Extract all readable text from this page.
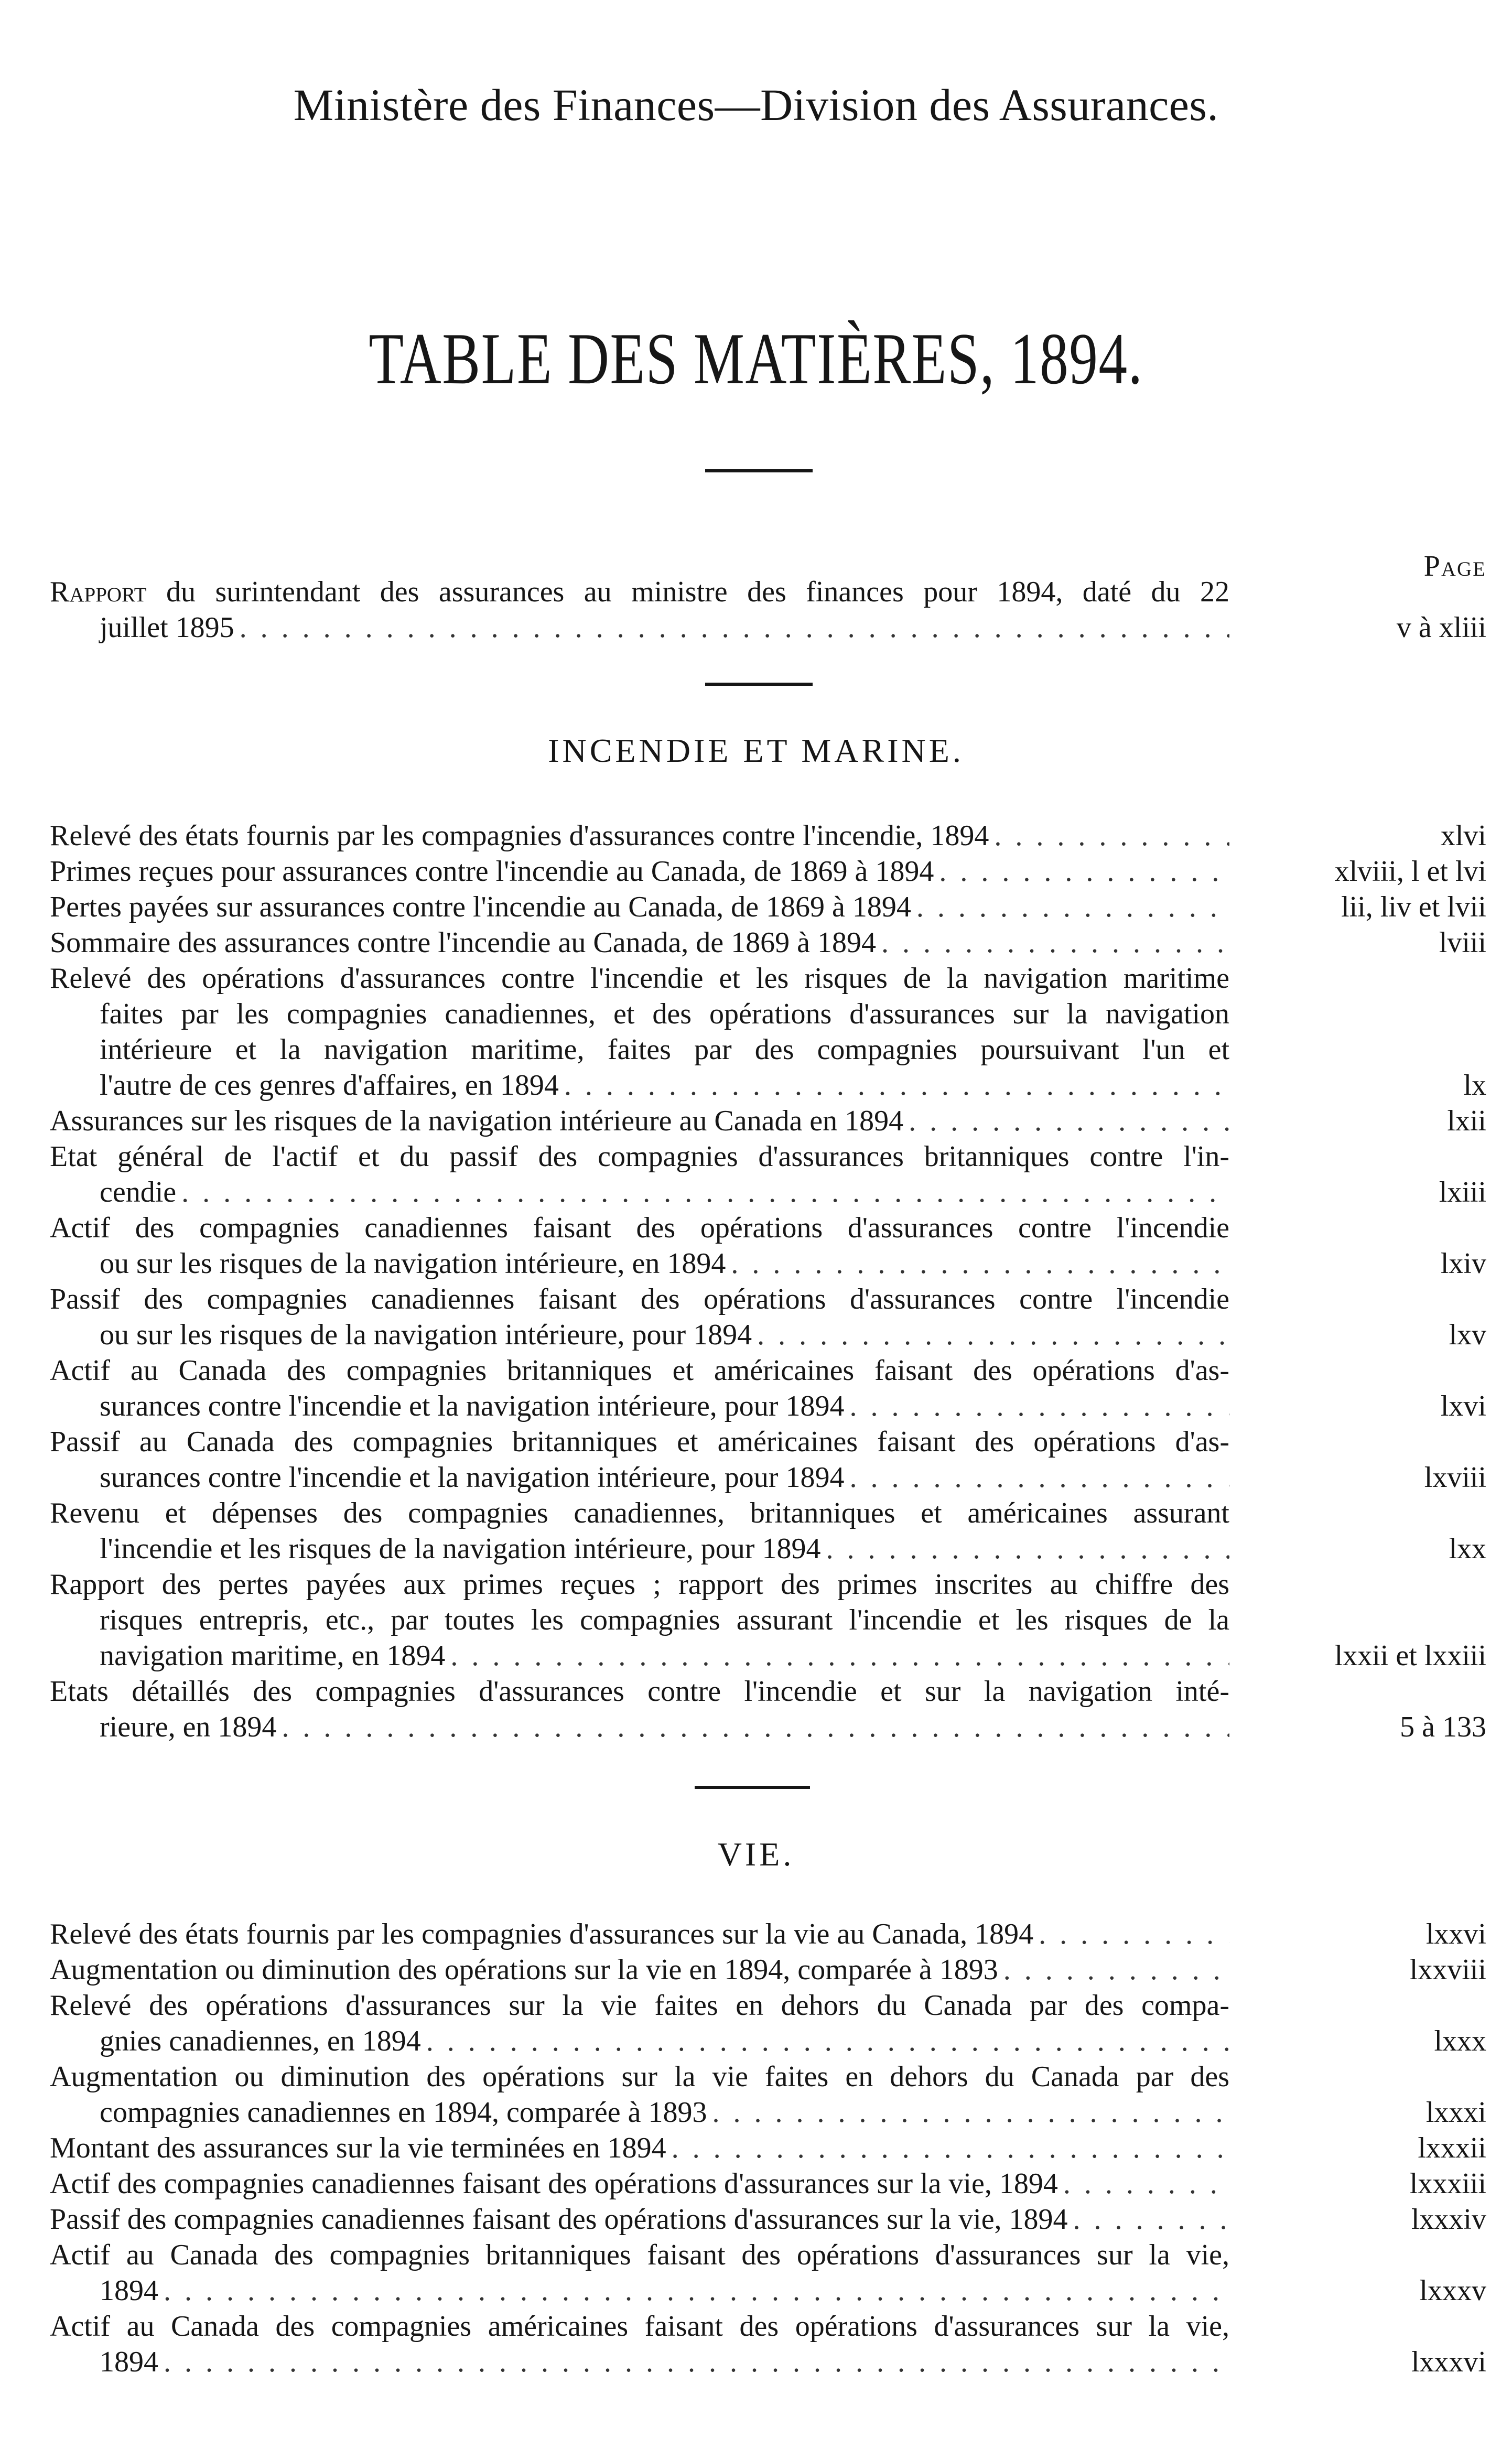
Ministère des Finances—Division des Assurances.
TABLE DES MATIÈRES, 1894.
Page
Rapport du surintendant des assurances au ministre des finances pour 1894, daté du 22
juillet 1895 . . .	v à xliii
INCENDIE ET MARINE.
Relevé des états fournis par les compagnies d'assurances contre l'incendie, 1894 . . .	xlvi
Primes reçues pour assurances contre l'incendie au Canada, de 1869 à 1894 . . .	xlviii, l et lvi
Pertes payées sur assurances contre l'incendie au Canada, de 1869 à 1894 . . .	lii, liv et lvii
Sommaire des assurances contre l'incendie au Canada, de 1869 à 1894 . . .	lviii
Relevé des opérations d'assurances contre l'incendie et les risques de la navigation maritime
faites par les compagnies canadiennes, et des opérations d'assurances sur la navigation
intérieure et la navigation maritime, faites par des compagnies poursuivant l'un et
l'autre de ces genres d'affaires, en 1894 . . .	lx
Assurances sur les risques de la navigation intérieure au Canada en 1894 . . .	lxii
Etat général de l'actif et du passif des compagnies d'assurances britanniques contre l'in-
cendie . . .	lxiii
Actif des compagnies canadiennes faisant des opérations d'assurances contre l'incendie
ou sur les risques de la navigation intérieure, en 1894 . . .	lxiv
Passif des compagnies canadiennes faisant des opérations d'assurances contre l'incendie
ou sur les risques de la navigation intérieure, pour 1894 . . .	lxv
Actif au Canada des compagnies britanniques et américaines faisant des opérations d'as-
surances contre l'incendie et la navigation intérieure, pour 1894 . . .	lxvi
Passif au Canada des compagnies britanniques et américaines faisant des opérations d'as-
surances contre l'incendie et la navigation intérieure, pour 1894 . . .	lxviii
Revenu et dépenses des compagnies canadiennes, britanniques et américaines assurant
l'incendie et les risques de la navigation intérieure, pour 1894 . . .	lxx
Rapport des pertes payées aux primes reçues ; rapport des primes inscrites au chiffre des
risques entrepris, etc., par toutes les compagnies assurant l'incendie et les risques de la
navigation maritime, en 1894 . . .	lxxii et lxxiii
Etats détaillés des compagnies d'assurances contre l'incendie et sur la navigation inté-
rieure, en 1894 . . .	5 à 133
VIE.
Relevé des états fournis par les compagnies d'assurances sur la vie au Canada, 1894 . . .	lxxvi
Augmentation ou diminution des opérations sur la vie en 1894, comparée à 1893 . . .	lxxviii
Relevé des opérations d'assurances sur la vie faites en dehors du Canada par des compa-
gnies canadiennes, en 1894 . . .	lxxx
Augmentation ou diminution des opérations sur la vie faites en dehors du Canada par des
compagnies canadiennes en 1894, comparée à 1893 . . .	lxxxi
Montant des assurances sur la vie terminées en 1894 . . .	lxxxii
Actif des compagnies canadiennes faisant des opérations d'assurances sur la vie, 1894 . . .	lxxxiii
Passif des compagnies canadiennes faisant des opérations d'assurances sur la vie, 1894 . . .	lxxxiv
Actif au Canada des compagnies britanniques faisant des opérations d'assurances sur la vie,
1894 . . .	lxxxv
Actif au Canada des compagnies américaines faisant des opérations d'assurances sur la vie,
1894 . . .	lxxxvi
